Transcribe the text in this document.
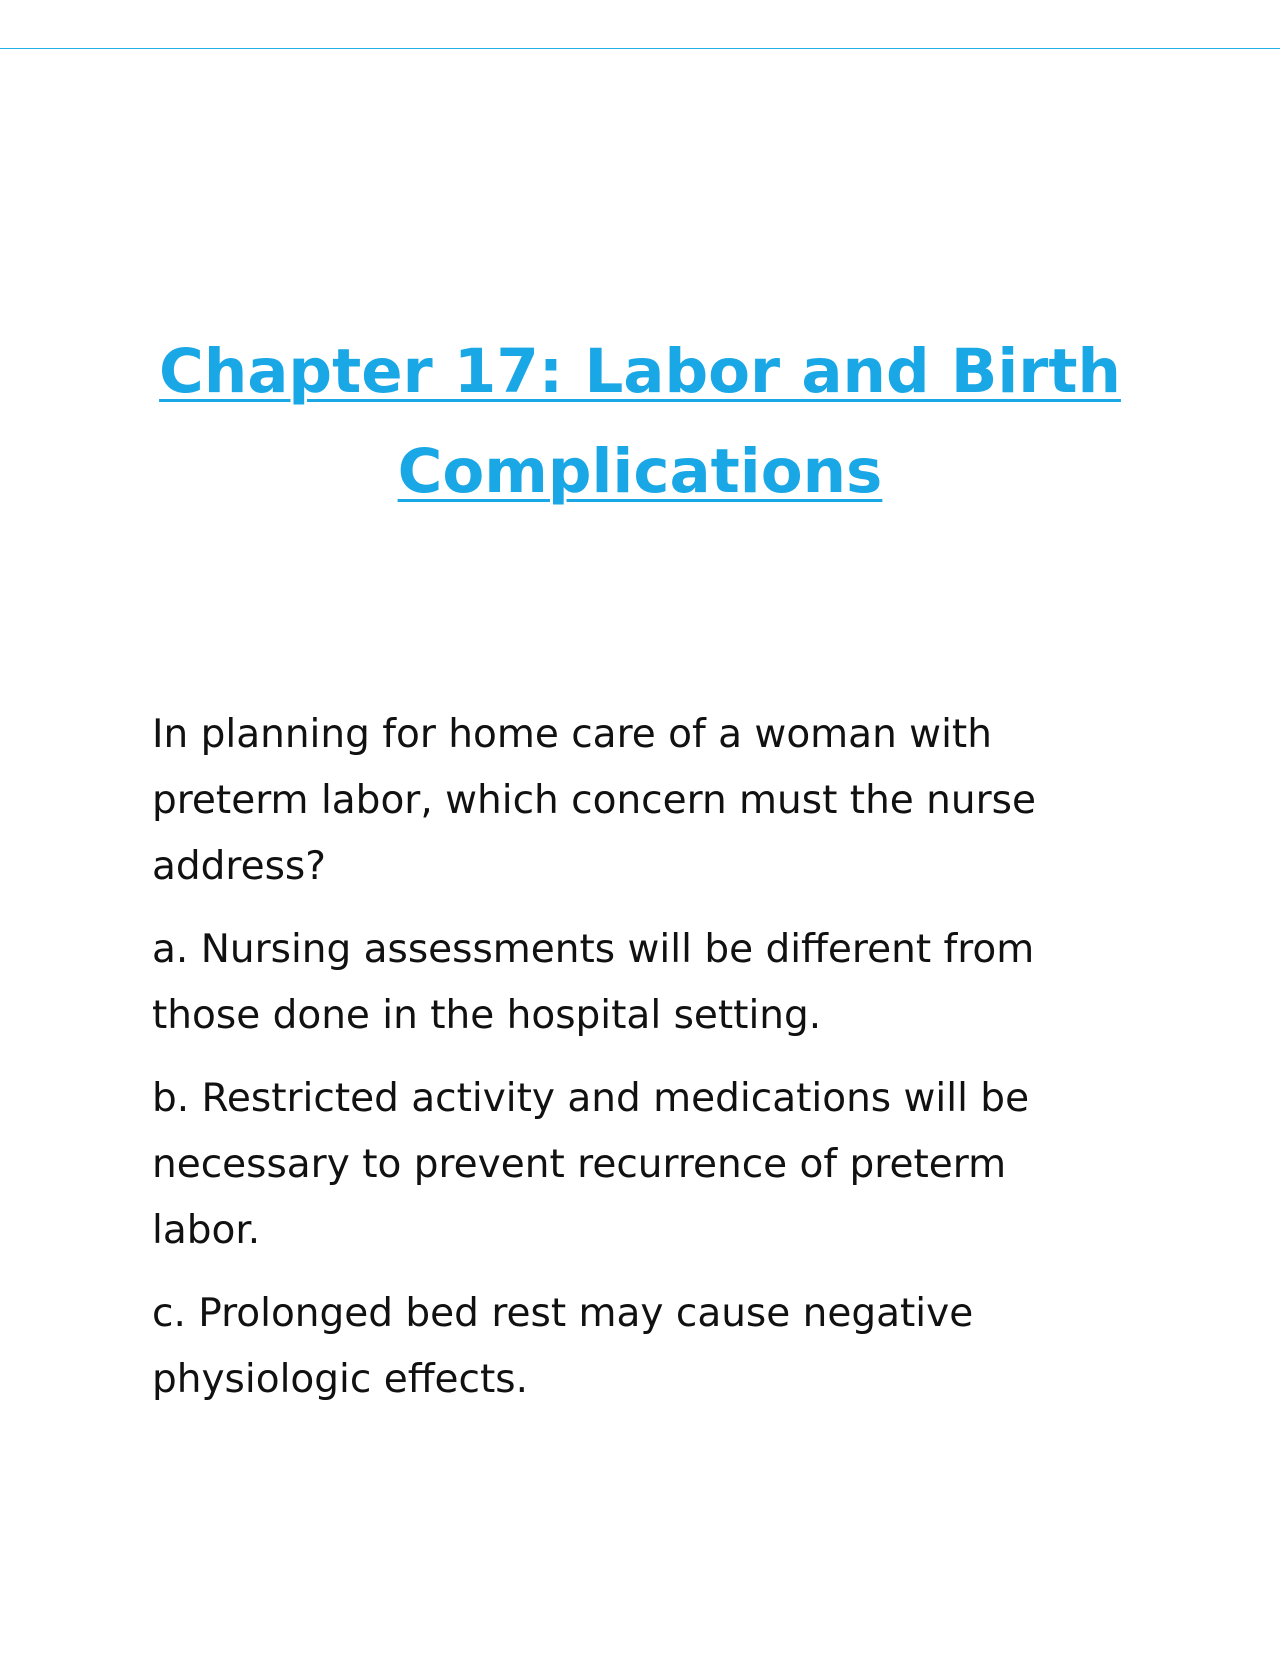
Chapter 17: Labor and Birth
Complications

In planning for home care of a woman with preterm labor, which concern must the nurse address?

a. Nursing assessments will be different from those done in the hospital setting.

b. Restricted activity and medications will be necessary to prevent recurrence of preterm labor.

c. Prolonged bed rest may cause negative physiologic effects.
